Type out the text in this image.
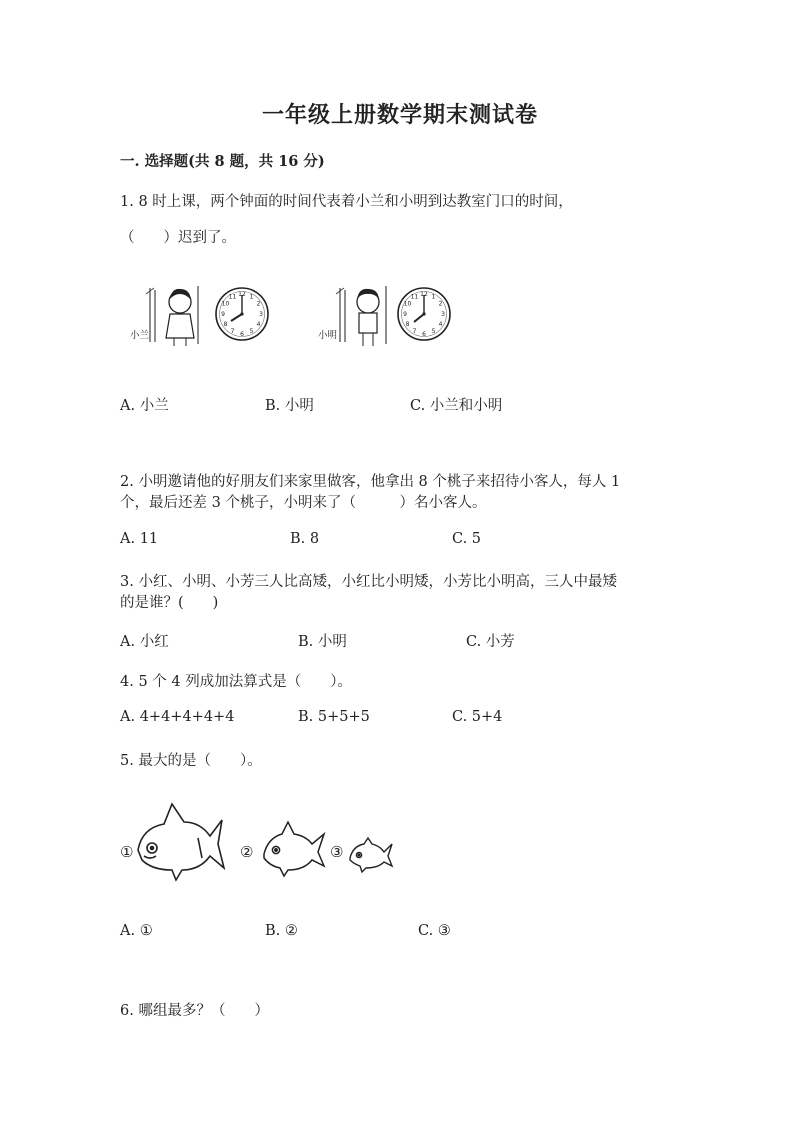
一年级上册数学期末测试卷
一. 选择题(共 8 题，共 16 分)
1. 8 时上课，两个钟面的时间代表着小兰和小明到达教室门口的时间，
（　　）迟到了。
小兰
12 1
2
3
4
5
6
7
8
9
10
11
小明
12 1
2
3
4
5
6
7
8
9
10
11
A. 小兰	B. 小明	C. 小兰和小明
2. 小明邀请他的好朋友们来家里做客，他拿出 8 个桃子来招待小客人，每人 1
个，最后还差 3 个桃子，小明来了（　　　）名小客人。
A. 11	B. 8	C. 5
3. 小红、小明、小芳三人比高矮，小红比小明矮，小芳比小明高，三人中最矮
的是谁？(　　)
A. 小红	B. 小明	C. 小芳
4. 5 个 4 列成加法算式是（　　）。
A. 4+4+4+4+4	B. 5+5+5	C. 5+4
5. 最大的是（　　）。
①	②	③
A. ①	B. ②	C. ③
6. 哪组最多？（　　）
